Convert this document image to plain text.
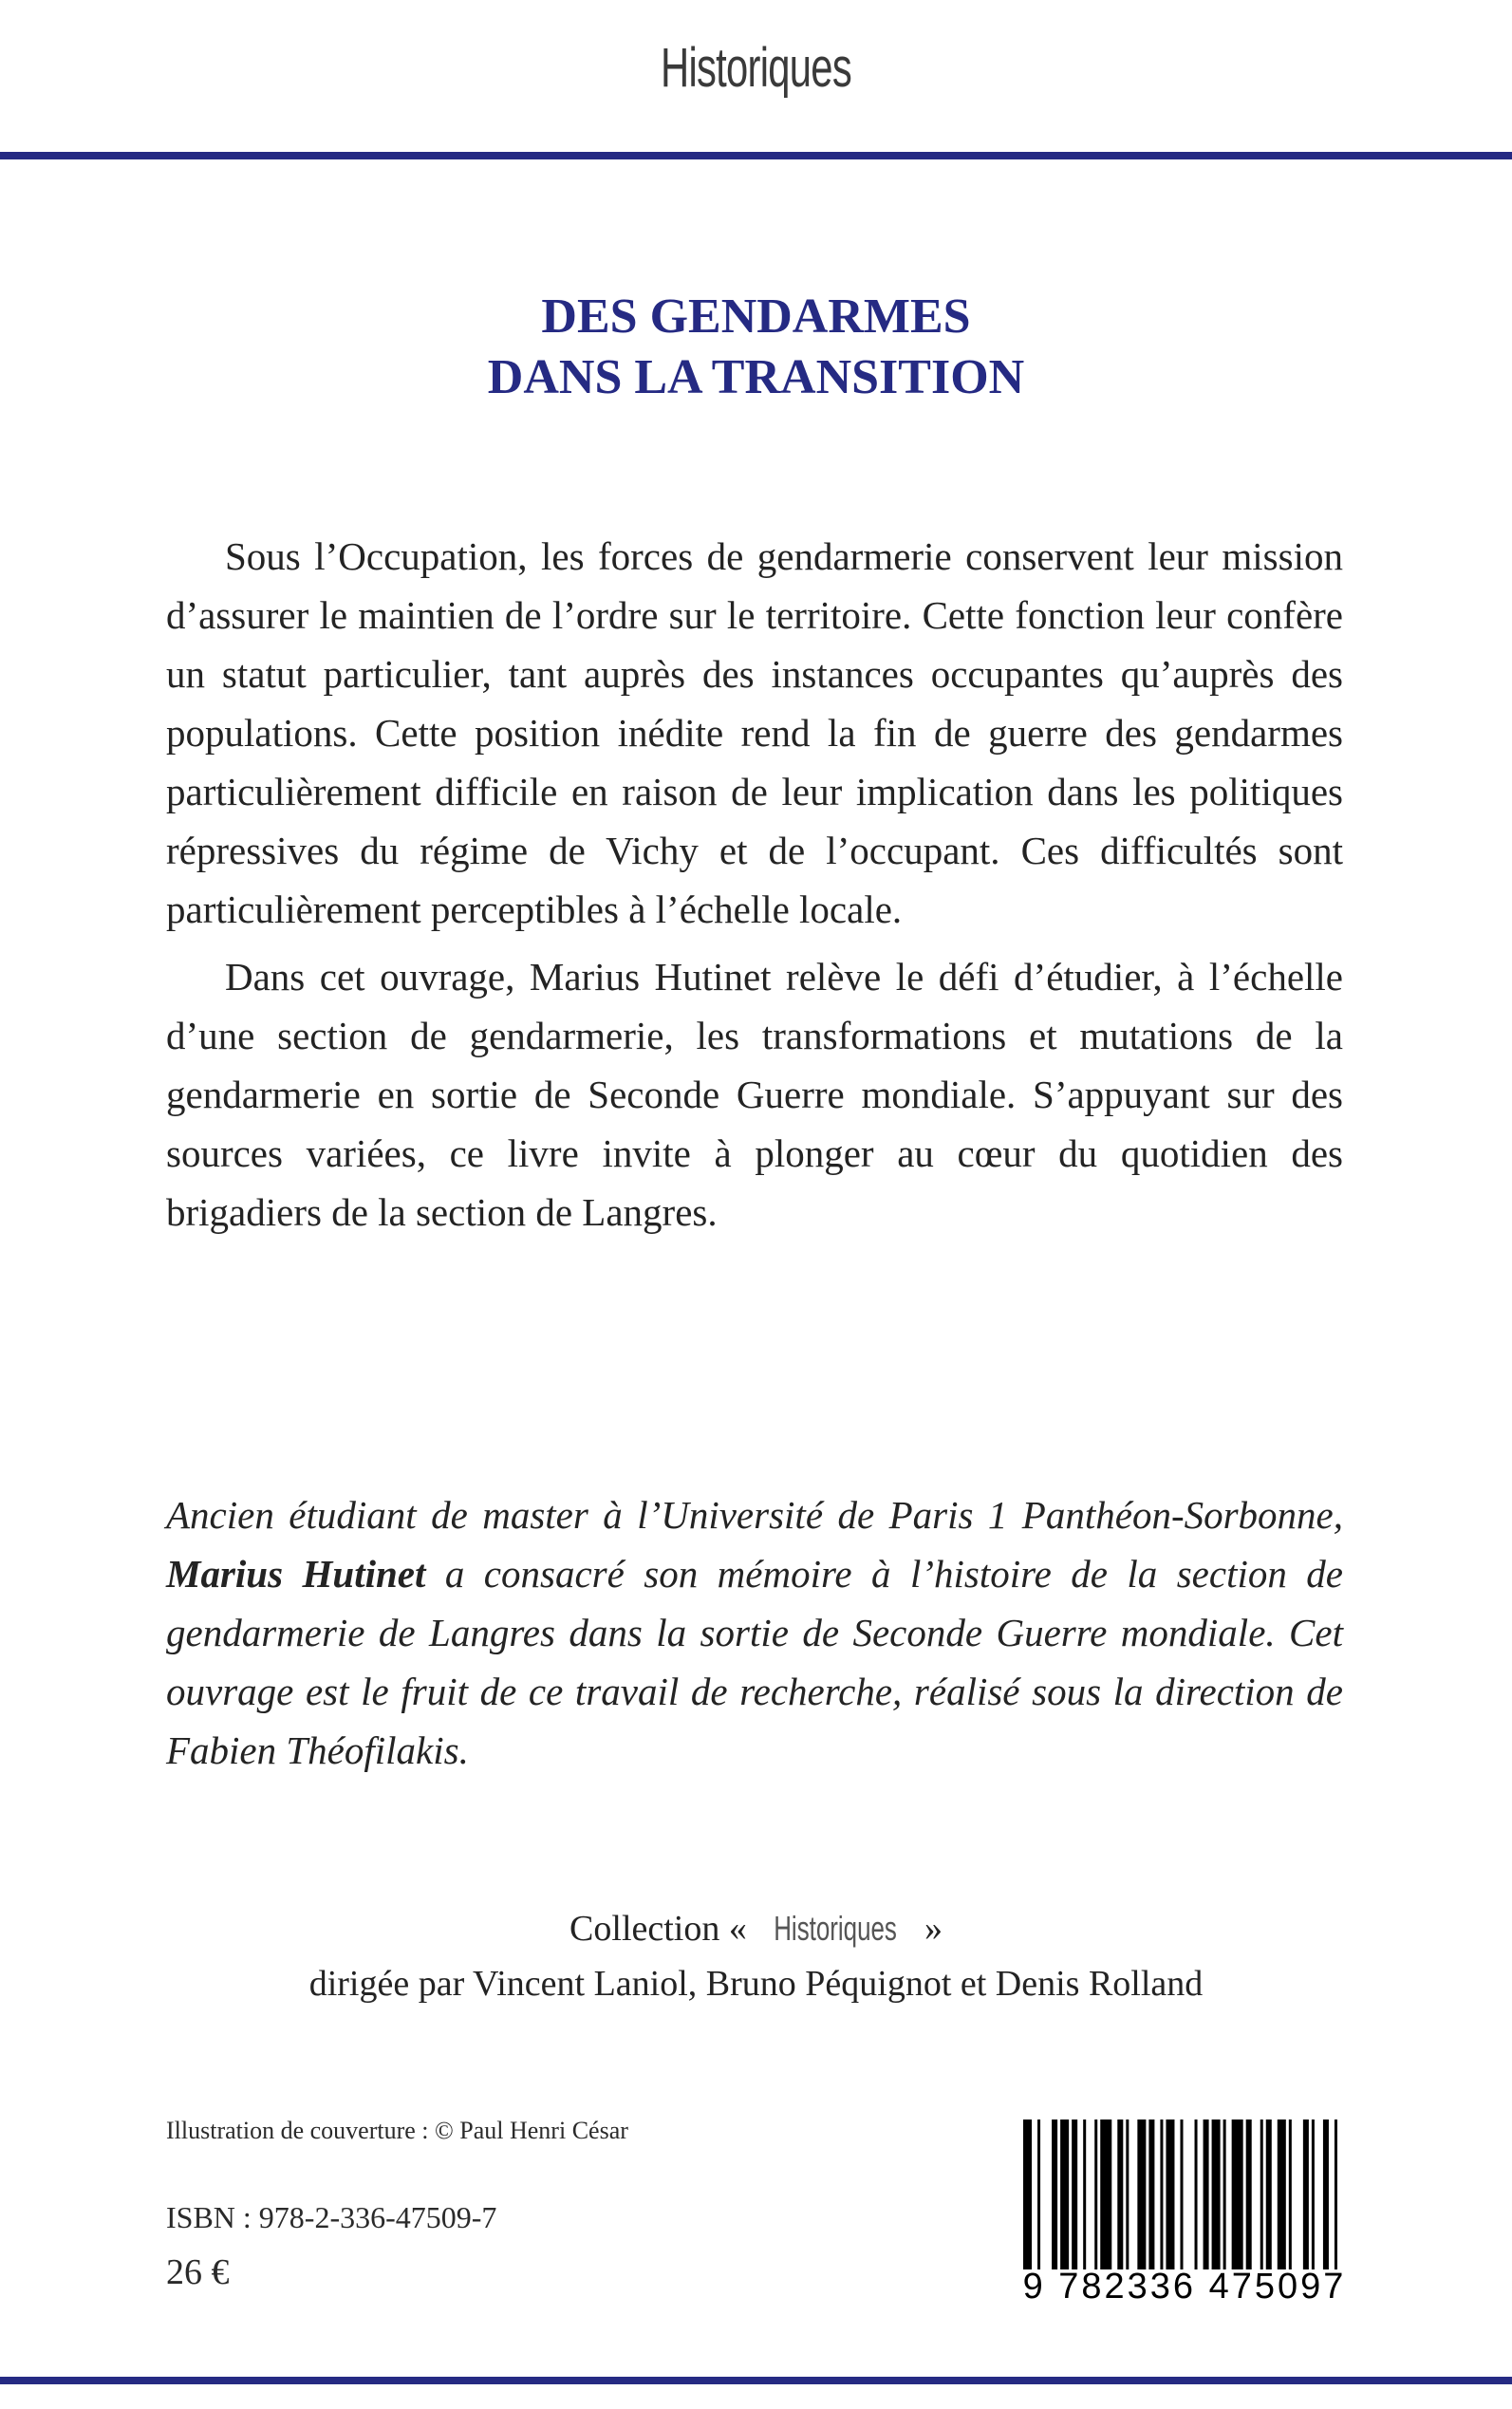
Historiques
DES GENDARMES
DANS LA TRANSITION

Sous l’Occupation, les forces de gendarmerie conservent leur mission d’assurer le maintien de l’ordre sur le territoire. Cette fonction leur confère un statut particulier, tant auprès des instances occupantes qu’auprès des populations. Cette position inédite rend la fin de guerre des gendarmes particulièrement difficile en raison de leur implication dans les politiques répressives du régime de Vichy et de l’occupant. Ces difficultés sont particulièrement perceptibles à l’échelle locale.

Dans cet ouvrage, Marius Hutinet relève le défi d’étudier, à l’échelle d’une section de gendarmerie, les transformations et mutations de la gendarmerie en sortie de Seconde Guerre mondiale. S’appuyant sur des sources variées, ce livre invite à plonger au cœur du quotidien des brigadiers de la section de Langres.

Ancien étudiant de master à l’Université de Paris 1 Panthéon-Sorbonne, Marius Hutinet a consacré son mémoire à l’histoire de la section de gendarmerie de Langres dans la sortie de Seconde Guerre mondiale. Cet ouvrage est le fruit de ce travail de recherche, réalisé sous la direction de Fabien Théofilakis.
Collection « Historiques »
dirigée par Vincent Laniol, Bruno Péquignot et Denis Rolland
Illustration de couverture : © Paul Henri César
ISBN : 978-2-336-47509-7
26 €	9 782336 475097
